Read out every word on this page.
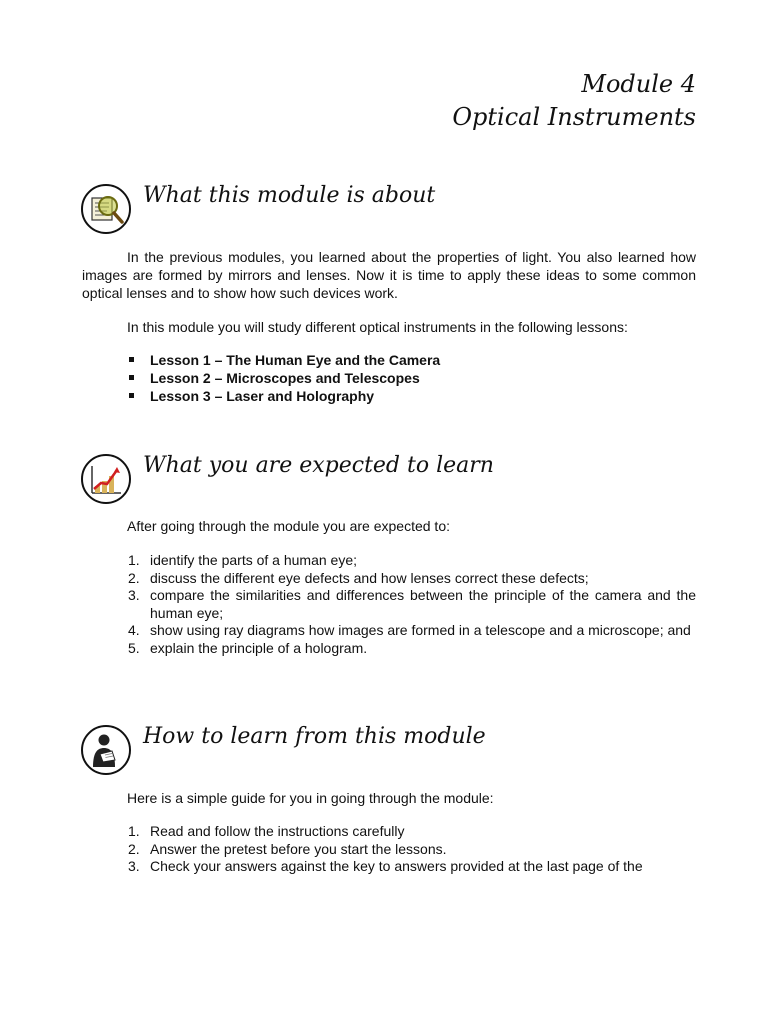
Module 4
Optical Instruments
What this module is about

In the previous modules, you learned about the properties of light. You also learned how images are formed by mirrors and lenses. Now it is time to apply these ideas to some common optical lenses and to show how such devices work.

In this module you will study different optical instruments in the following lessons:

Lesson 1 – The Human Eye and the Camera
Lesson 2 – Microscopes and Telescopes
Lesson 3 – Laser and Holography
What you are expected to learn

After going through the module you are expected to:

1. identify the parts of a human eye;
2. discuss the different eye defects and how lenses correct these defects;
3. compare the similarities and differences between the principle of the camera and the human eye;
4. show using ray diagrams how images are formed in a telescope and a microscope; and
5. explain the principle of a hologram.
How to learn from this module

Here is a simple guide for you in going through the module:

1. Read and follow the instructions carefully
2. Answer the pretest before you start the lessons.
3. Check your answers against the key to answers provided at the last page of the
